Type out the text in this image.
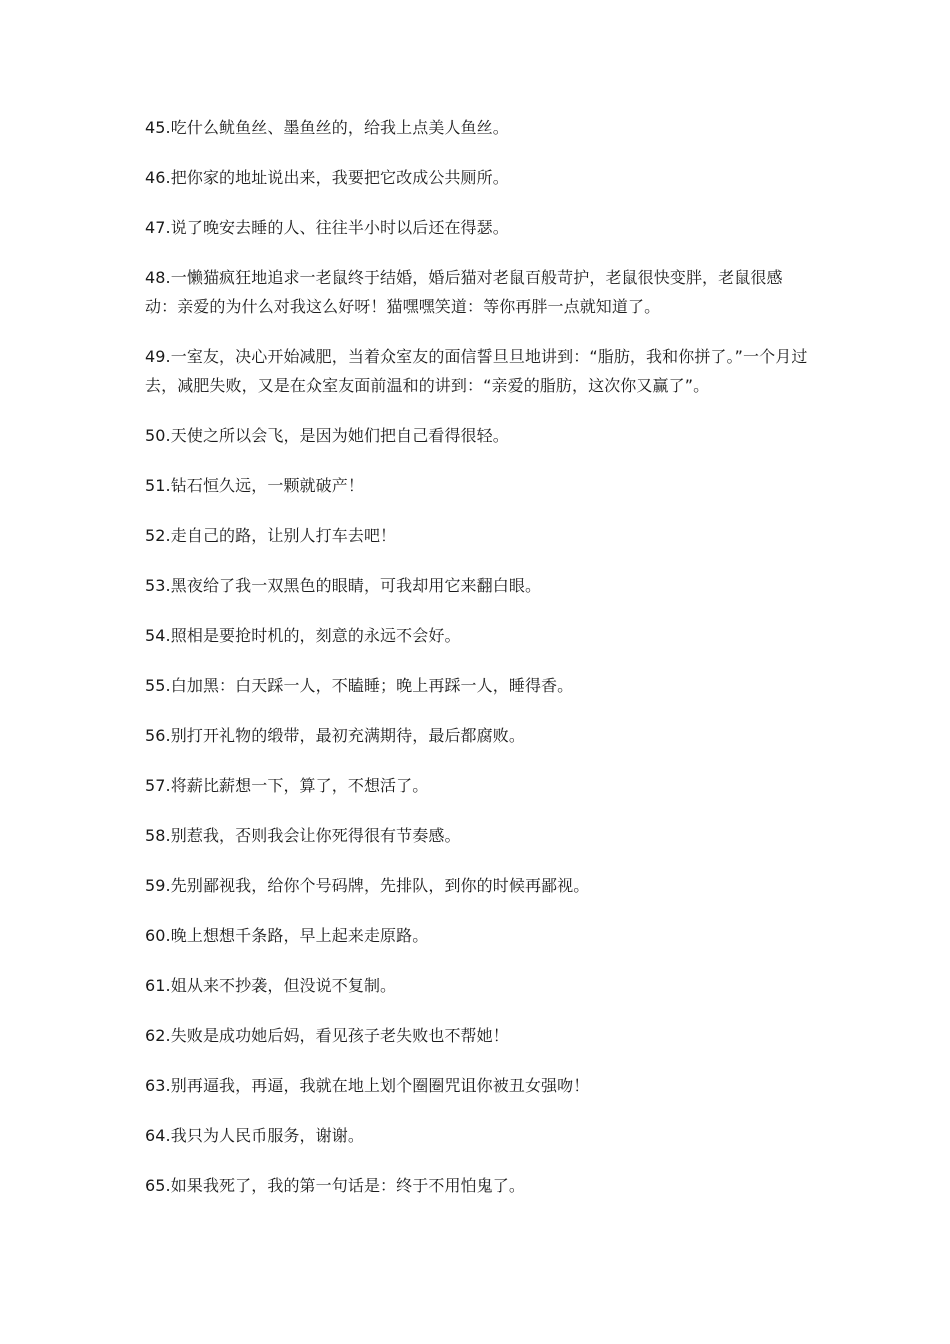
45.吃什么鱿鱼丝、墨鱼丝的，给我上点美人鱼丝。

46.把你家的地址说出来，我要把它改成公共厕所。

47.说了晚安去睡的人、往往半小时以后还在得瑟。

48.一懒猫疯狂地追求一老鼠终于结婚，婚后猫对老鼠百般苛护，老鼠很快变胖，老鼠很感动：亲爱的为什么对我这么好呀！猫嘿嘿笑道：等你再胖一点就知道了。

49.一室友，决心开始减肥，当着众室友的面信誓旦旦地讲到：“脂肪，我和你拼了。”一个月过去，减肥失败，又是在众室友面前温和的讲到：“亲爱的脂肪，这次你又赢了”。

50.天使之所以会飞，是因为她们把自己看得很轻。

51.钻石恒久远，一颗就破产！

52.走自己的路，让别人打车去吧！

53.黑夜给了我一双黑色的眼睛，可我却用它来翻白眼。

54.照相是要抢时机的，刻意的永远不会好。

55.白加黑：白天踩一人，不瞌睡；晚上再踩一人，睡得香。

56.别打开礼物的缎带，最初充满期待，最后都腐败。

57.将薪比薪想一下，算了，不想活了。

58.别惹我，否则我会让你死得很有节奏感。

59.先别鄙视我，给你个号码牌，先排队，到你的时候再鄙视。

60.晚上想想千条路，早上起来走原路。

61.姐从来不抄袭，但没说不复制。

62.失败是成功她后妈，看见孩子老失败也不帮她！

63.别再逼我，再逼，我就在地上划个圈圈咒诅你被丑女强吻！

64.我只为人民币服务，谢谢。

65.如果我死了，我的第一句话是：终于不用怕鬼了。
